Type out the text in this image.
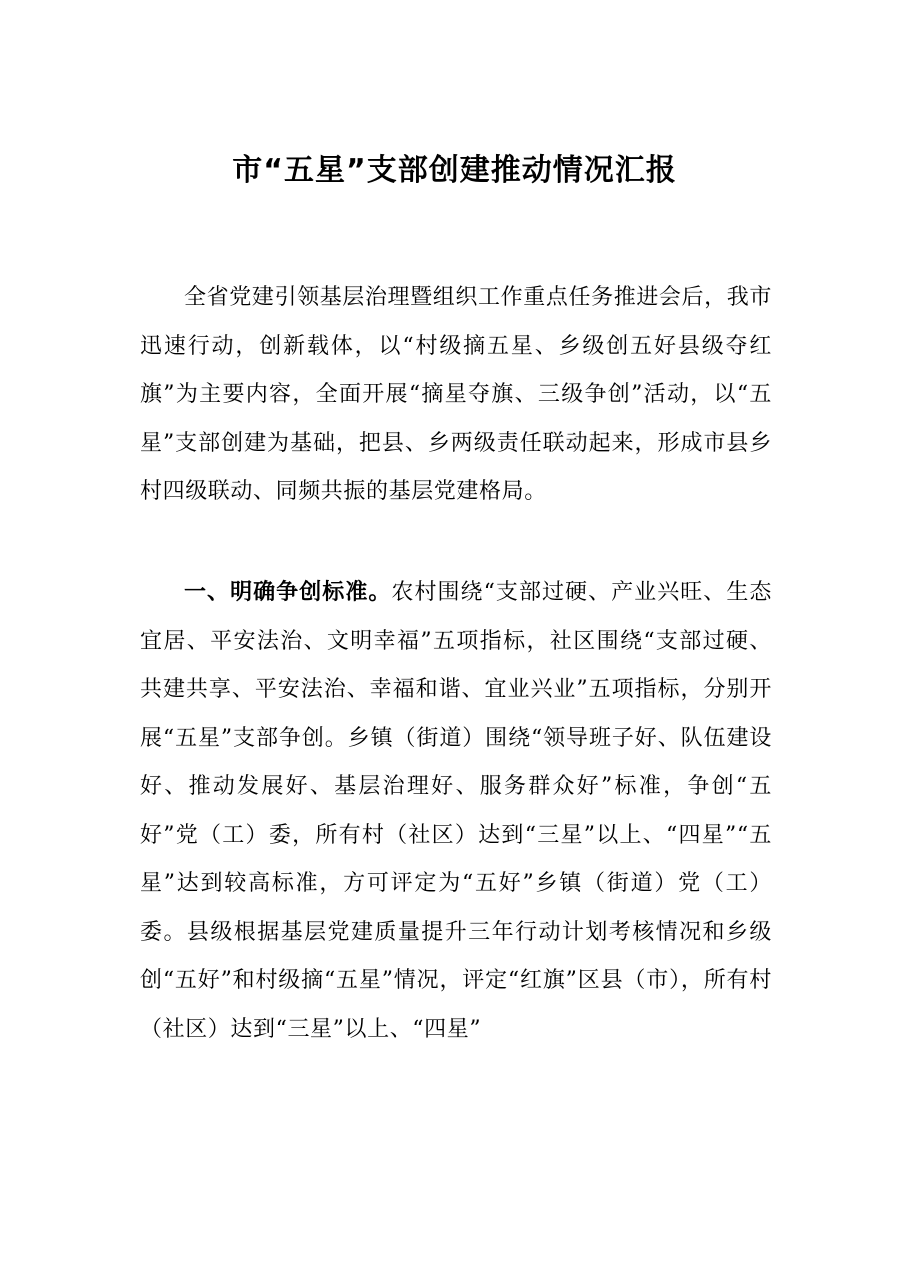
市“五星”支部创建推动情况汇报

全省党建引领基层治理暨组织工作重点任务推进会后，我市迅速行动，创新载体，以“村级摘五星、乡级创五好县级夺红旗”为主要内容，全面开展“摘星夺旗、三级争创”活动，以“五星”支部创建为基础，把县、乡两级责任联动起来，形成市县乡村四级联动、同频共振的基层党建格局。

一、明确争创标准。农村围绕“支部过硬、产业兴旺、生态宜居、平安法治、文明幸福”五项指标，社区围绕“支部过硬、共建共享、平安法治、幸福和谐、宜业兴业”五项指标，分别开展“五星”支部争创。乡镇（街道）围绕“领导班子好、队伍建设好、推动发展好、基层治理好、服务群众好”标准，争创“五好”党（工）委，所有村（社区）达到“三星”以上、“四星”“五星”达到较高标准，方可评定为“五好”乡镇（街道）党（工）委。县级根据基层党建质量提升三年行动计划考核情况和乡级创“五好”和村级摘“五星”情况，评定“红旗”区县（市），所有村（社区）达到“三星”以上、“四星”
